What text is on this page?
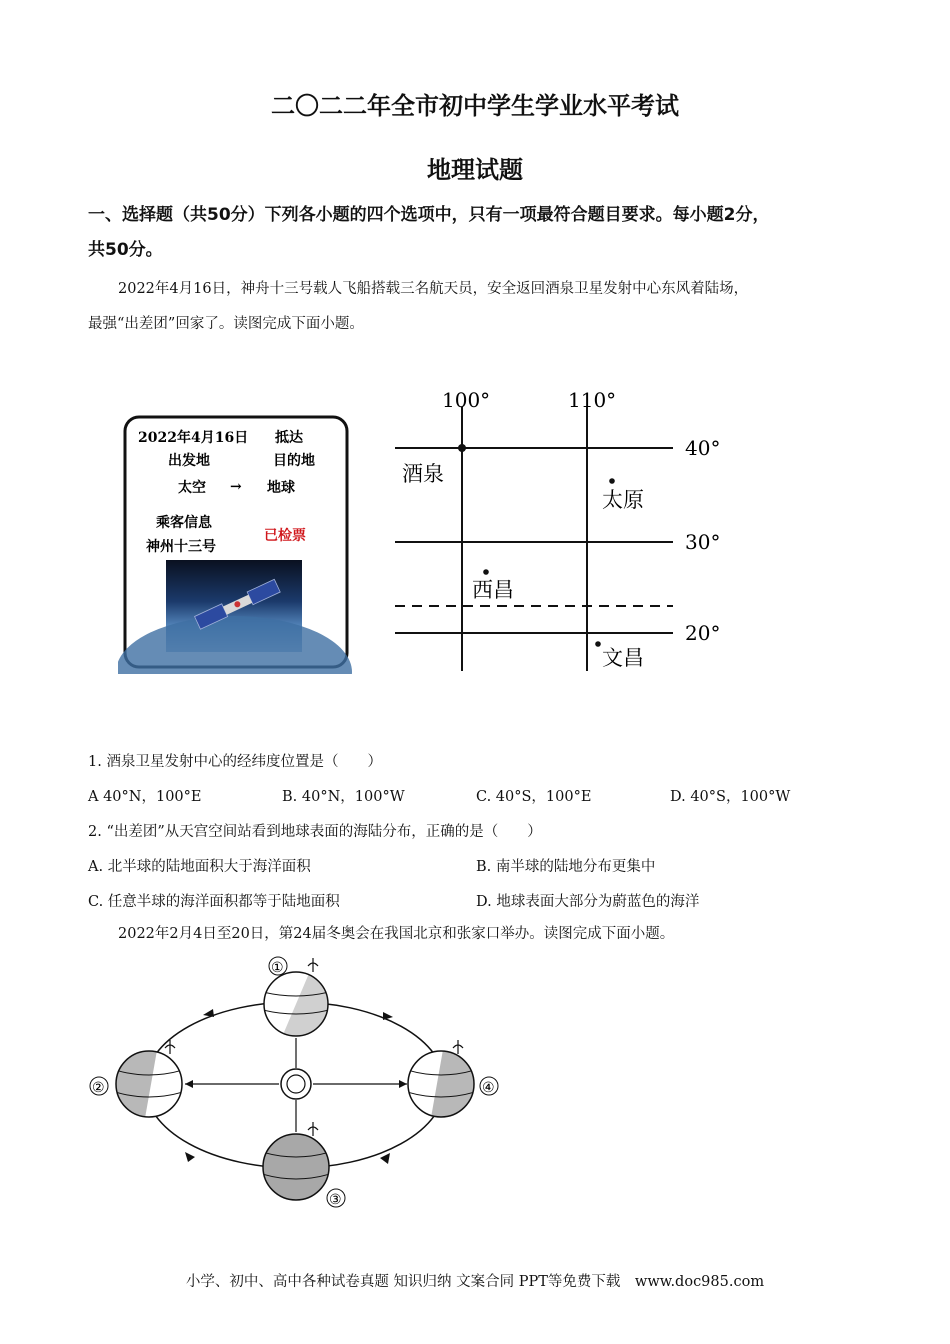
二〇二二年全市初中学生学业水平考试
地理试题
一、选择题（共50分）下列各小题的四个选项中，只有一项最符合题目要求。每小题2分，
共50分。
2022年4月16日，神舟十三号载人飞船搭载三名航天员，安全返回酒泉卫星发射中心东风着陆场，
最强“出差团”回家了。读图完成下面小题。
2022年4月16日 抵达
出发地	目的地
太空 → 地球
乘客信息
神州十三号
已检票
100°	110°
40°
30°
20°
酒泉
太原
西昌
文昌
1. 酒泉卫星发射中心的经纬度位置是（　　）
A 40°N，100°E	B. 40°N，100°W	C. 40°S，100°E	D. 40°S，100°W
2. “出差团”从天宫空间站看到地球表面的海陆分布，正确的是（　　）
A. 北半球的陆地面积大于海洋面积	B. 南半球的陆地分布更集中
C. 任意半球的海洋面积都等于陆地面积	D. 地球表面大部分为蔚蓝色的海洋
2022年2月4日至20日，第24届冬奥会在我国北京和张家口举办。读图完成下面小题。
①
②
③
④
小学、初中、高中各种试卷真题 知识归纳 文案合同 PPT等免费下载　www.doc985.com
